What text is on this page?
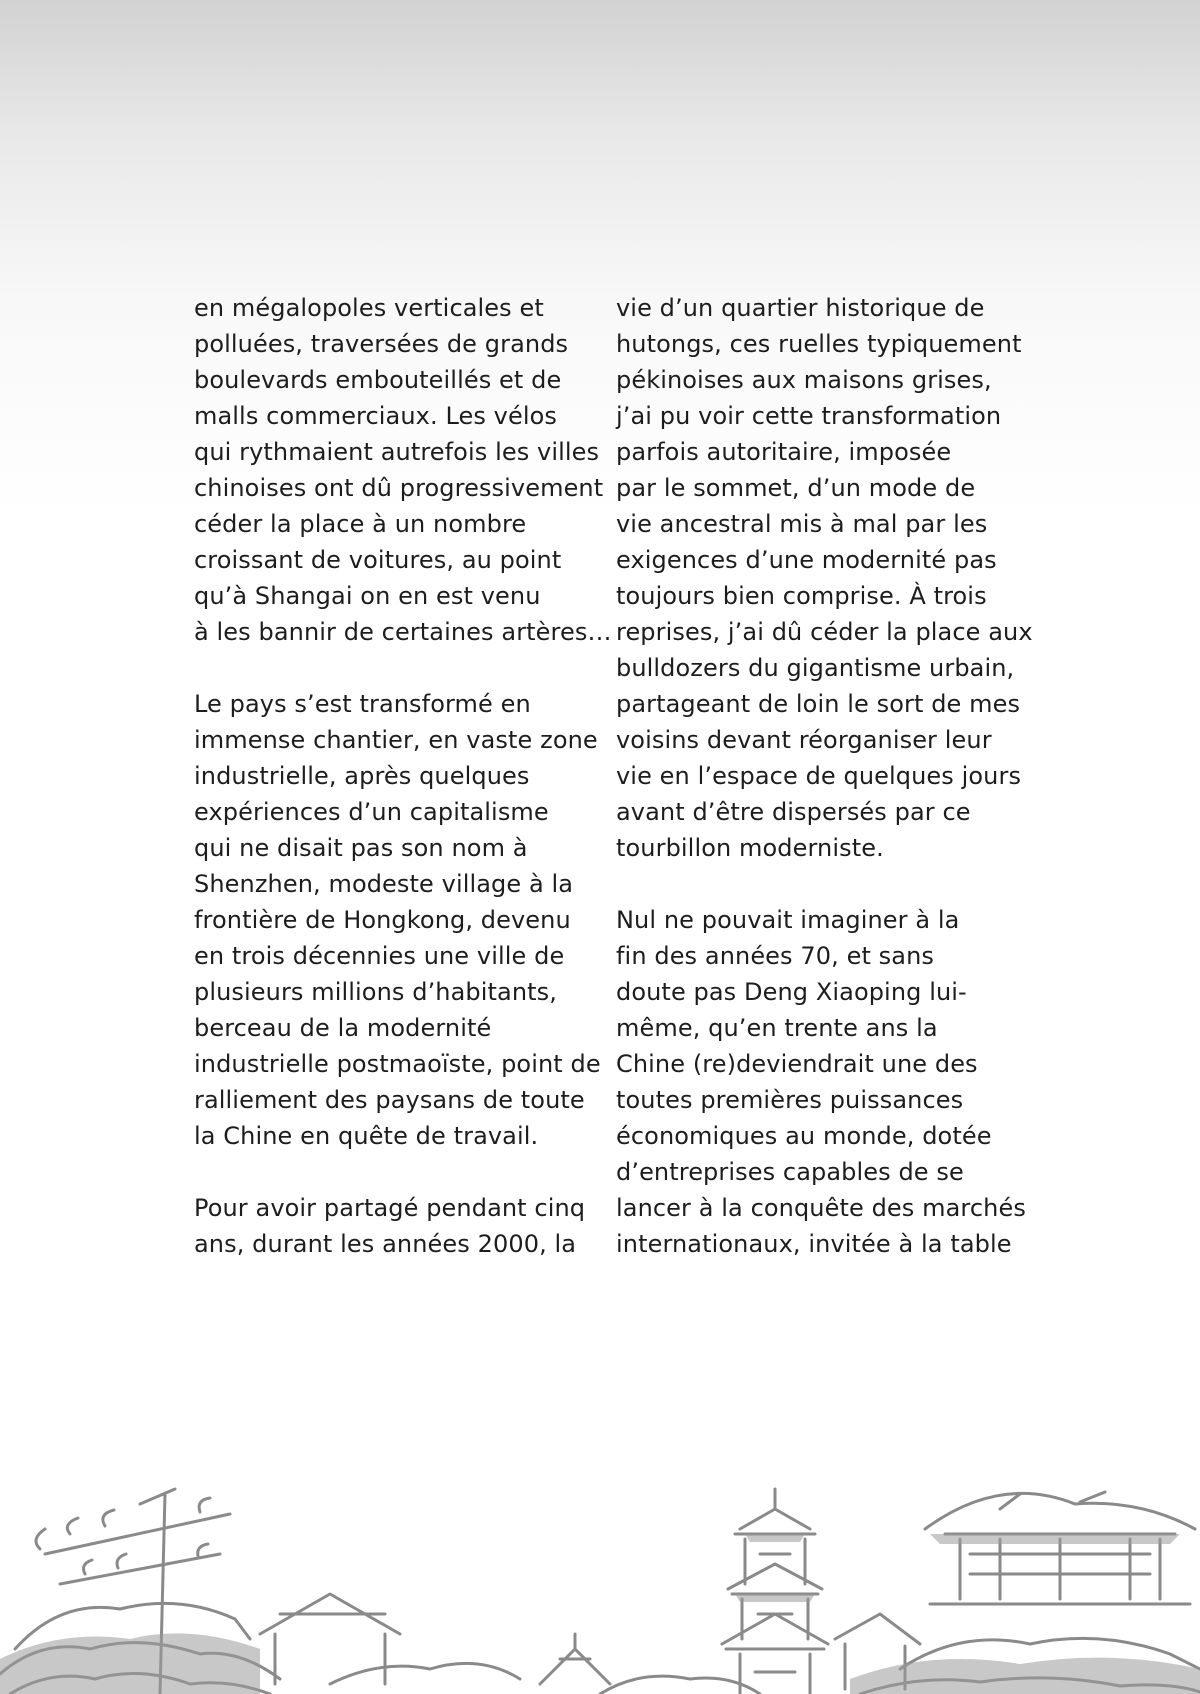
en mégalopoles verticales et
polluées, traversées de grands
boulevards embouteillés et de
malls commerciaux. Les vélos
qui rythmaient autrefois les villes
chinoises ont dû progressivement
céder la place à un nombre
croissant de voitures, au point
qu’à Shangai on en est venu
à les bannir de certaines artères…
Le pays s’est transformé en
immense chantier, en vaste zone
industrielle, après quelques
expériences d’un capitalisme
qui ne disait pas son nom à
Shenzhen, modeste village à la
frontière de Hongkong, devenu
en trois décennies une ville de
plusieurs millions d’habitants,
berceau de la modernité
industrielle postmaoïste, point de
ralliement des paysans de toute
la Chine en quête de travail.
Pour avoir partagé pendant cinq
ans, durant les années 2000, la
vie d’un quartier historique de
hutongs, ces ruelles typiquement
pékinoises aux maisons grises,
j’ai pu voir cette transformation
parfois autoritaire, imposée
par le sommet, d’un mode de
vie ancestral mis à mal par les
exigences d’une modernité pas
toujours bien comprise. À trois
reprises, j’ai dû céder la place aux
bulldozers du gigantisme urbain,
partageant de loin le sort de mes
voisins devant réorganiser leur
vie en l’espace de quelques jours
avant d’être dispersés par ce
tourbillon moderniste.
Nul ne pouvait imaginer à la
fin des années 70, et sans
doute pas Deng Xiaoping lui-
même, qu’en trente ans la
Chine (re)deviendrait une des
toutes premières puissances
économiques au monde, dotée
d’entreprises capables de se
lancer à la conquête des marchés
internationaux, invitée à la table
